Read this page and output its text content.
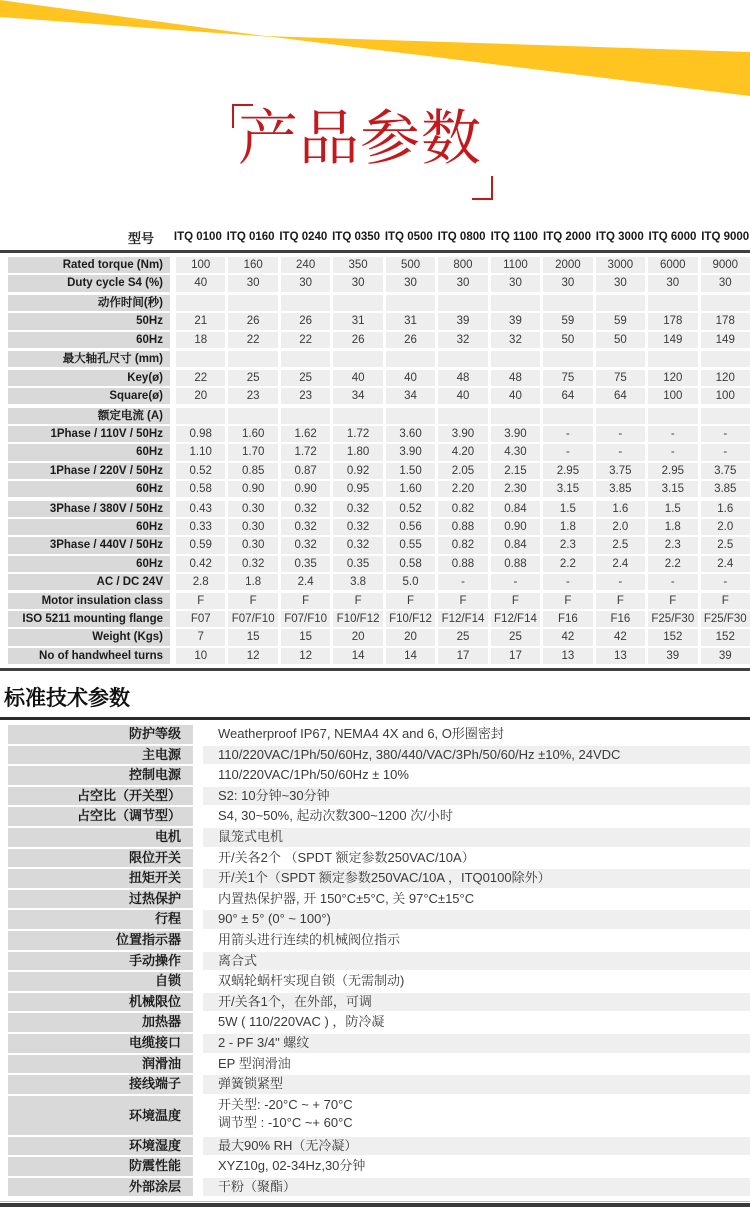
产品参数
型号	ITQ 0100 ITQ 0160 ITQ 0240 ITQ 0350 ITQ 0500 ITQ 0800 ITQ 1100 ITQ 2000 ITQ 3000 ITQ 6000 ITQ 9000
Rated torque (Nm)	100	160	240	350	500	800	1100	2000	3000	6000	9000
Duty cycle S4 (%)	40	30	30	30	30	30	30	30	30	30	30
动作时间(秒)
50Hz	21	26	26	31	31	39	39	59	59	178	178
60Hz	18	22	22	26	26	32	32	50	50	149	149
最大轴孔尺寸 (mm)
Key(ø)	22	25	25	40	40	48	48	75	75	120	120
Square(ø)	20	23	23	34	34	40	40	64	64	100	100
额定电流 (A)
1Phase / 110V / 50Hz	0.98	1.60	1.62	1.72	3.60	3.90	3.90	-	-	-	-
60Hz	1.10	1.70	1.72	1.80	3.90	4.20	4.30	-	-	-	-
1Phase / 220V / 50Hz	0.52	0.85	0.87	0.92	1.50	2.05	2.15	2.95	3.75	2.95	3.75
60Hz	0.58	0.90	0.90	0.95	1.60	2.20	2.30	3.15	3.85	3.15	3.85
3Phase / 380V / 50Hz	0.43	0.30	0.32	0.32	0.52	0.82	0.84	1.5	1.6	1.5	1.6
60Hz	0.33	0.30	0.32	0.32	0.56	0.88	0.90	1.8	2.0	1.8	2.0
3Phase / 440V / 50Hz	0.59	0.30	0.32	0.32	0.55	0.82	0.84	2.3	2.5	2.3	2.5
60Hz	0.42	0.32	0.35	0.35	0.58	0.88	0.88	2.2	2.4	2.2	2.4
AC / DC 24V	2.8	1.8	2.4	3.8	5.0	-	-	-	-	-	-
Motor insulation class	F	F	F	F	F	F	F	F	F	F	F
ISO 5211 mounting flange	F07	F07/F10 F07/F10 F10/F12 F10/F12 F12/F14 F12/F14	F16	F16	F25/F30 F25/F30
Weight (Kgs)	7	15	15	20	20	25	25	42	42	152	152
No of handwheel turns	10	12	12	14	14	17	17	13	13	39	39
标准技术参数
防护等级	Weatherproof IP67, NEMA4 4X and 6, O形圈密封
主电源	110/220VAC/1Ph/50/60Hz, 380/440/VAC/3Ph/50/60/Hz ±10%, 24VDC
控制电源	110/220VAC/1Ph/50/60Hz ± 10%
占空比（开关型）	S2: 10分钟~30分钟
占空比（调节型）	S4, 30~50%, 起动次数300~1200 次/小时
电机	鼠笼式电机
限位开关	开/关各2个 （SPDT 额定参数250VAC/10A）
扭矩开关	开/关1个（SPDT 额定参数250VAC/10A ，ITQ0100除外）
过热保护	内置热保护器, 开 150°C±5°C, 关 97°C±15°C
行程	90° ± 5° (0° ~ 100°)
位置指示器	用箭头进行连续的机械阀位指示
手动操作	离合式
自锁	双蜗轮蜗杆实现自锁（无需制动)
机械限位	开/关各1个，在外部，可调
加热器	5W ( 110/220VAC ) ，防冷凝
电缆接口	2 - PF 3/4" 螺纹
润滑油	EP 型润滑油
接线端子	弹簧锁紧型
环境温度
开关型: -20°C ~ + 70°C
调节型 : -10°C ~+ 60°C
环境湿度	最大90% RH（无冷凝）
防震性能	XYZ10g, 02-34Hz,30分钟
外部涂层	干粉（聚酯）
